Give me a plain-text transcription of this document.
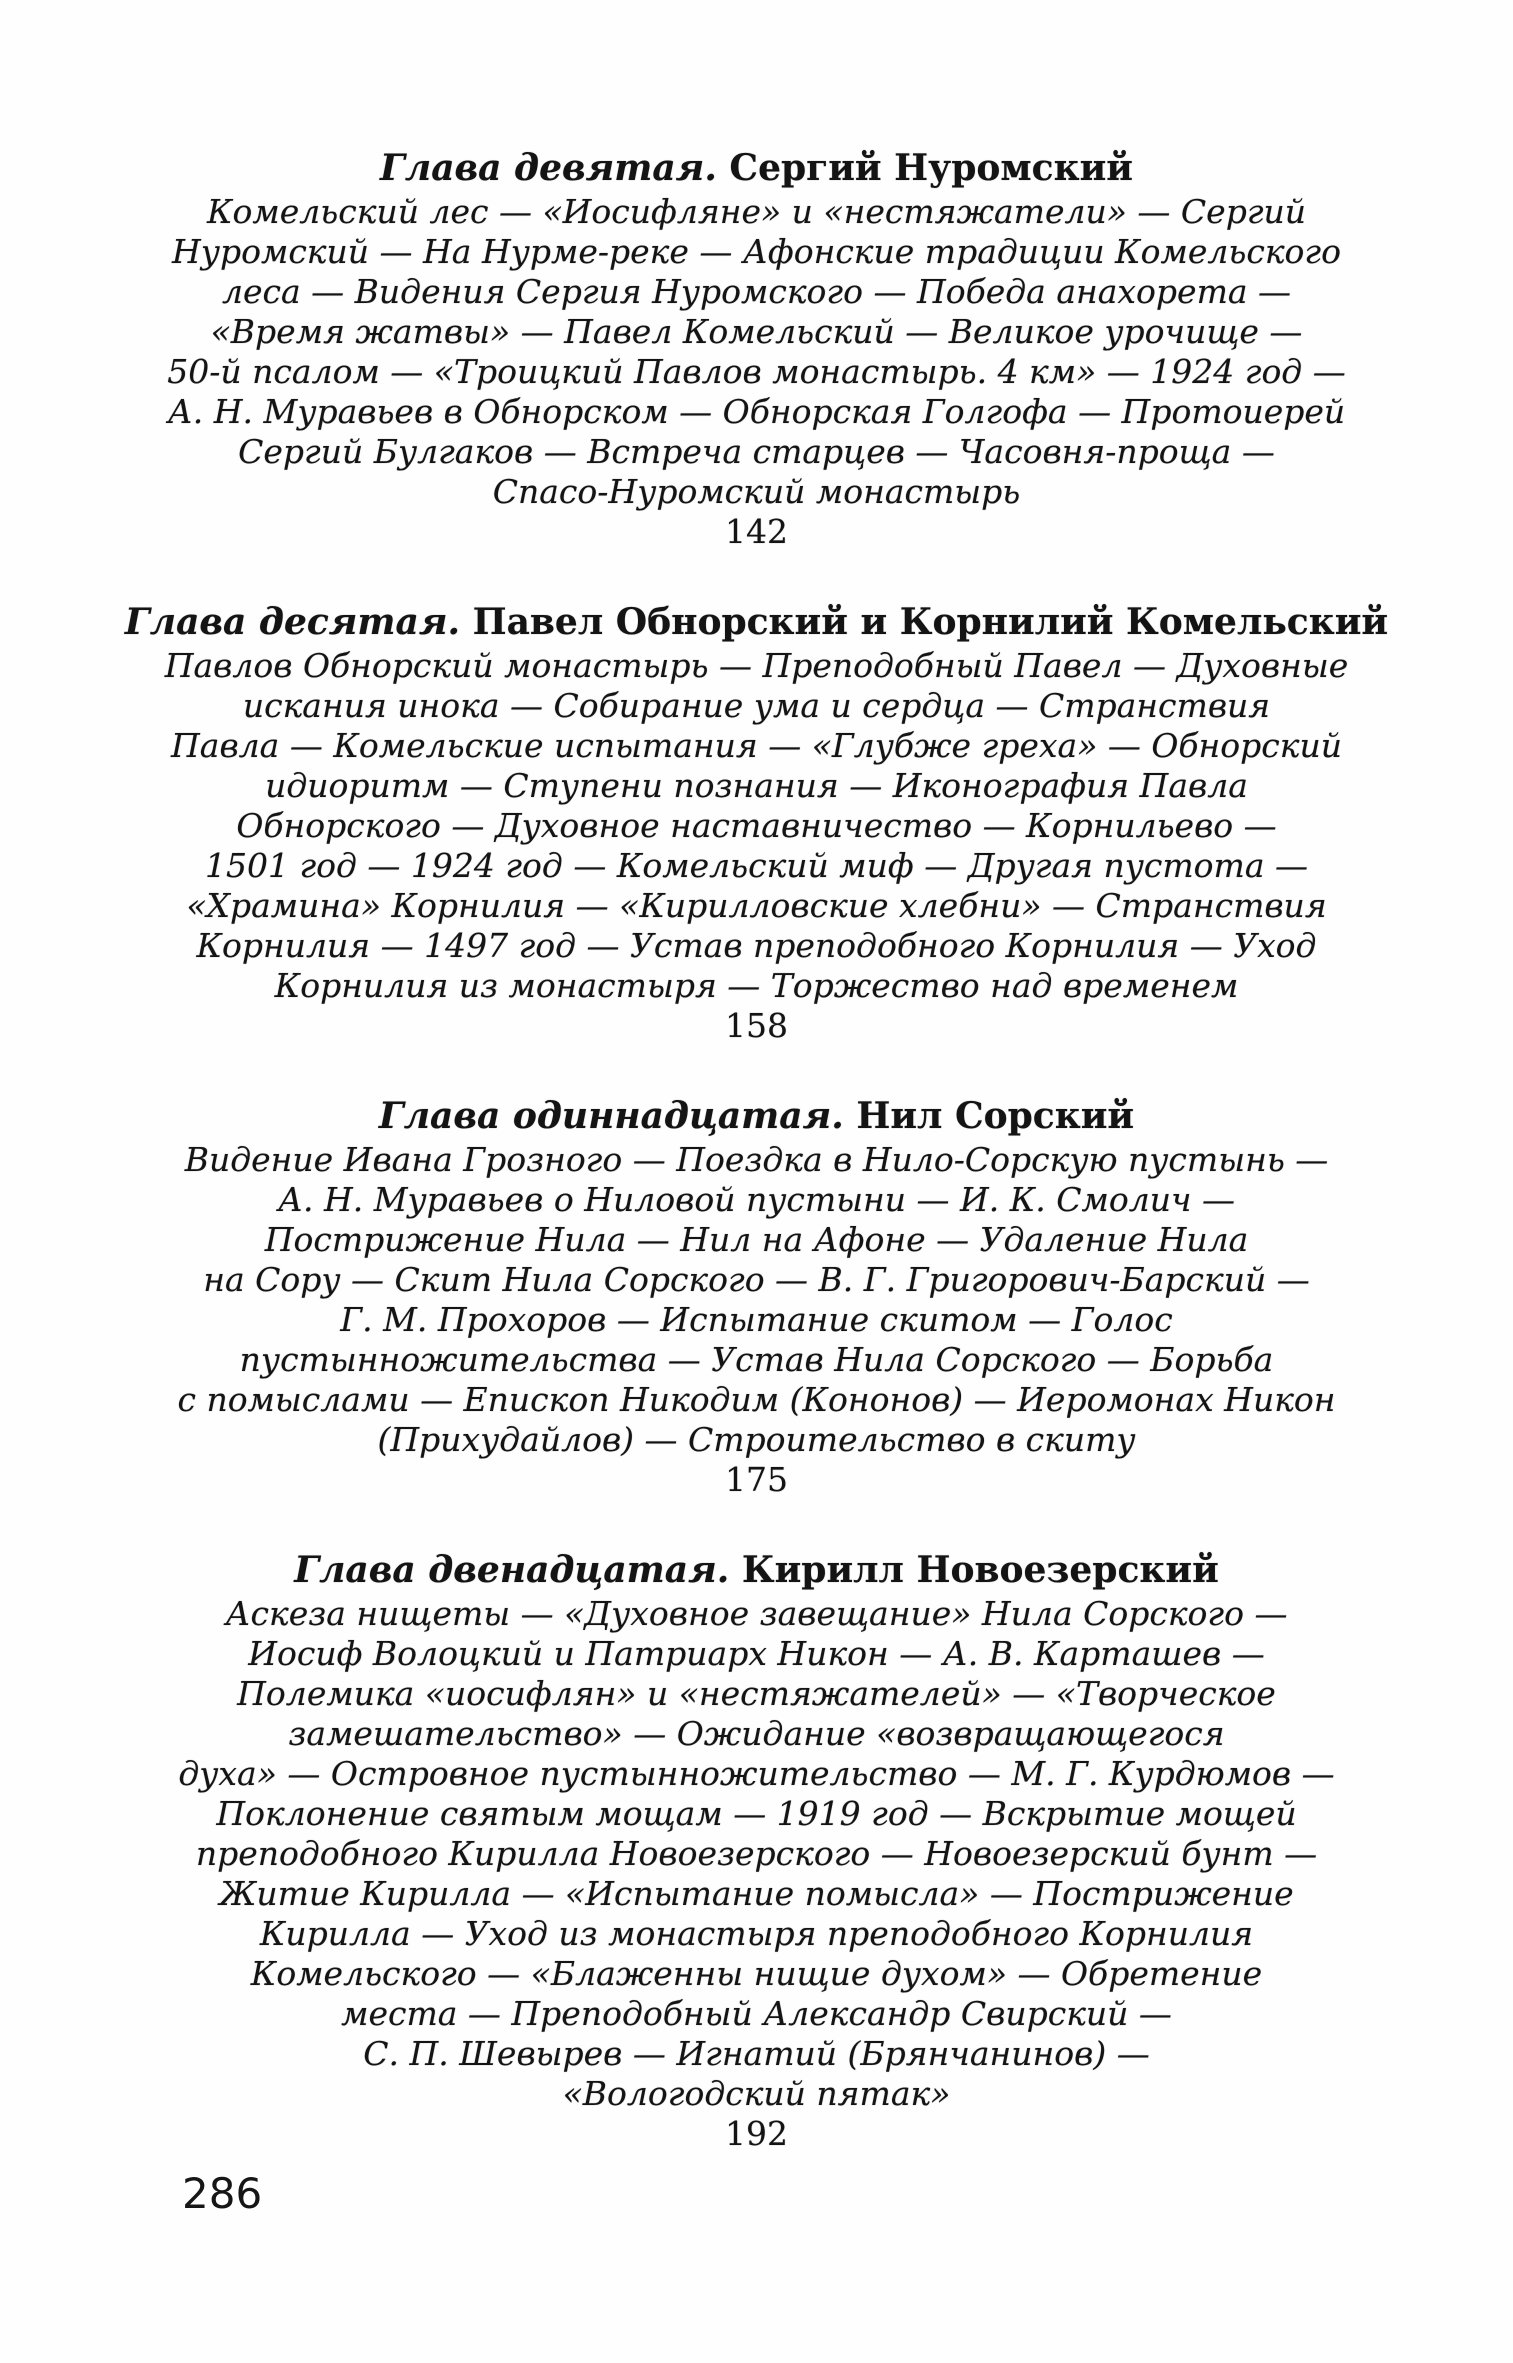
Глава девятая. Сергий Нуромский
Комельский лес — «Иосифляне» и «нестяжатели» — Сергий
Нуромский — На Нурме-реке — Афонские традиции Комельского
леса — Видения Сергия Нуромского — Победа анахорета —
«Время жатвы» — Павел Комельский — Великое урочище —
50-й псалом — «Троицкий Павлов монастырь. 4 км» — 1924 год —
А. Н. Муравьев в Обнорском — Обнорская Голгофа — Протоиерей
Сергий Булгаков — Встреча старцев — Часовня-проща —
Спасо-Нуромский монастырь
142
Глава десятая. Павел Обнорский и Корнилий Комельский
Павлов Обнорский монастырь — Преподобный Павел — Духовные
искания инока — Собирание ума и сердца — Странствия
Павла — Комельские испытания — «Глубже греха» — Обнорский
идиоритм — Ступени познания — Иконография Павла
Обнорского — Духовное наставничество — Корнильево —
1501 год — 1924 год — Комельский миф — Другая пустота —
«Храмина» Корнилия — «Кирилловские хлебни» — Странствия
Корнилия — 1497 год — Устав преподобного Корнилия — Уход
Корнилия из монастыря — Торжество над временем
158
Глава одиннадцатая. Нил Сорский
Видение Ивана Грозного — Поездка в Нило-Сорскую пустынь —
А. Н. Муравьев о Ниловой пустыни — И. К. Смолич —
Пострижение Нила — Нил на Афоне — Удаление Нила
на Сору — Скит Нила Сорского — В. Г. Григорович-Барский —
Г. М. Прохоров — Испытание скитом — Голос
пустынножительства — Устав Нила Сорского — Борьба
с помыслами — Епископ Никодим (Кононов) — Иеромонах Никон
(Прихудайлов) — Строительство в скиту
175
Глава двенадцатая. Кирилл Новоезерский
Аскеза нищеты — «Духовное завещание» Нила Сорского —
Иосиф Волоцкий и Патриарх Никон — А. В. Карташев —
Полемика «иосифлян» и «нестяжателей» — «Творческое
замешательство» — Ожидание «возвращающегося
духа» — Островное пустынножительство — М. Г. Курдюмов —
Поклонение святым мощам — 1919 год — Вскрытие мощей
преподобного Кирилла Новоезерского — Новоезерский бунт —
Житие Кирилла — «Испытание помысла» — Пострижение
Кирилла — Уход из монастыря преподобного Корнилия
Комельского — «Блаженны нищие духом» — Обретение
места — Преподобный Александр Свирский —
С. П. Шевырев — Игнатий (Брянчанинов) —
«Вологодский пятак»
192
286
